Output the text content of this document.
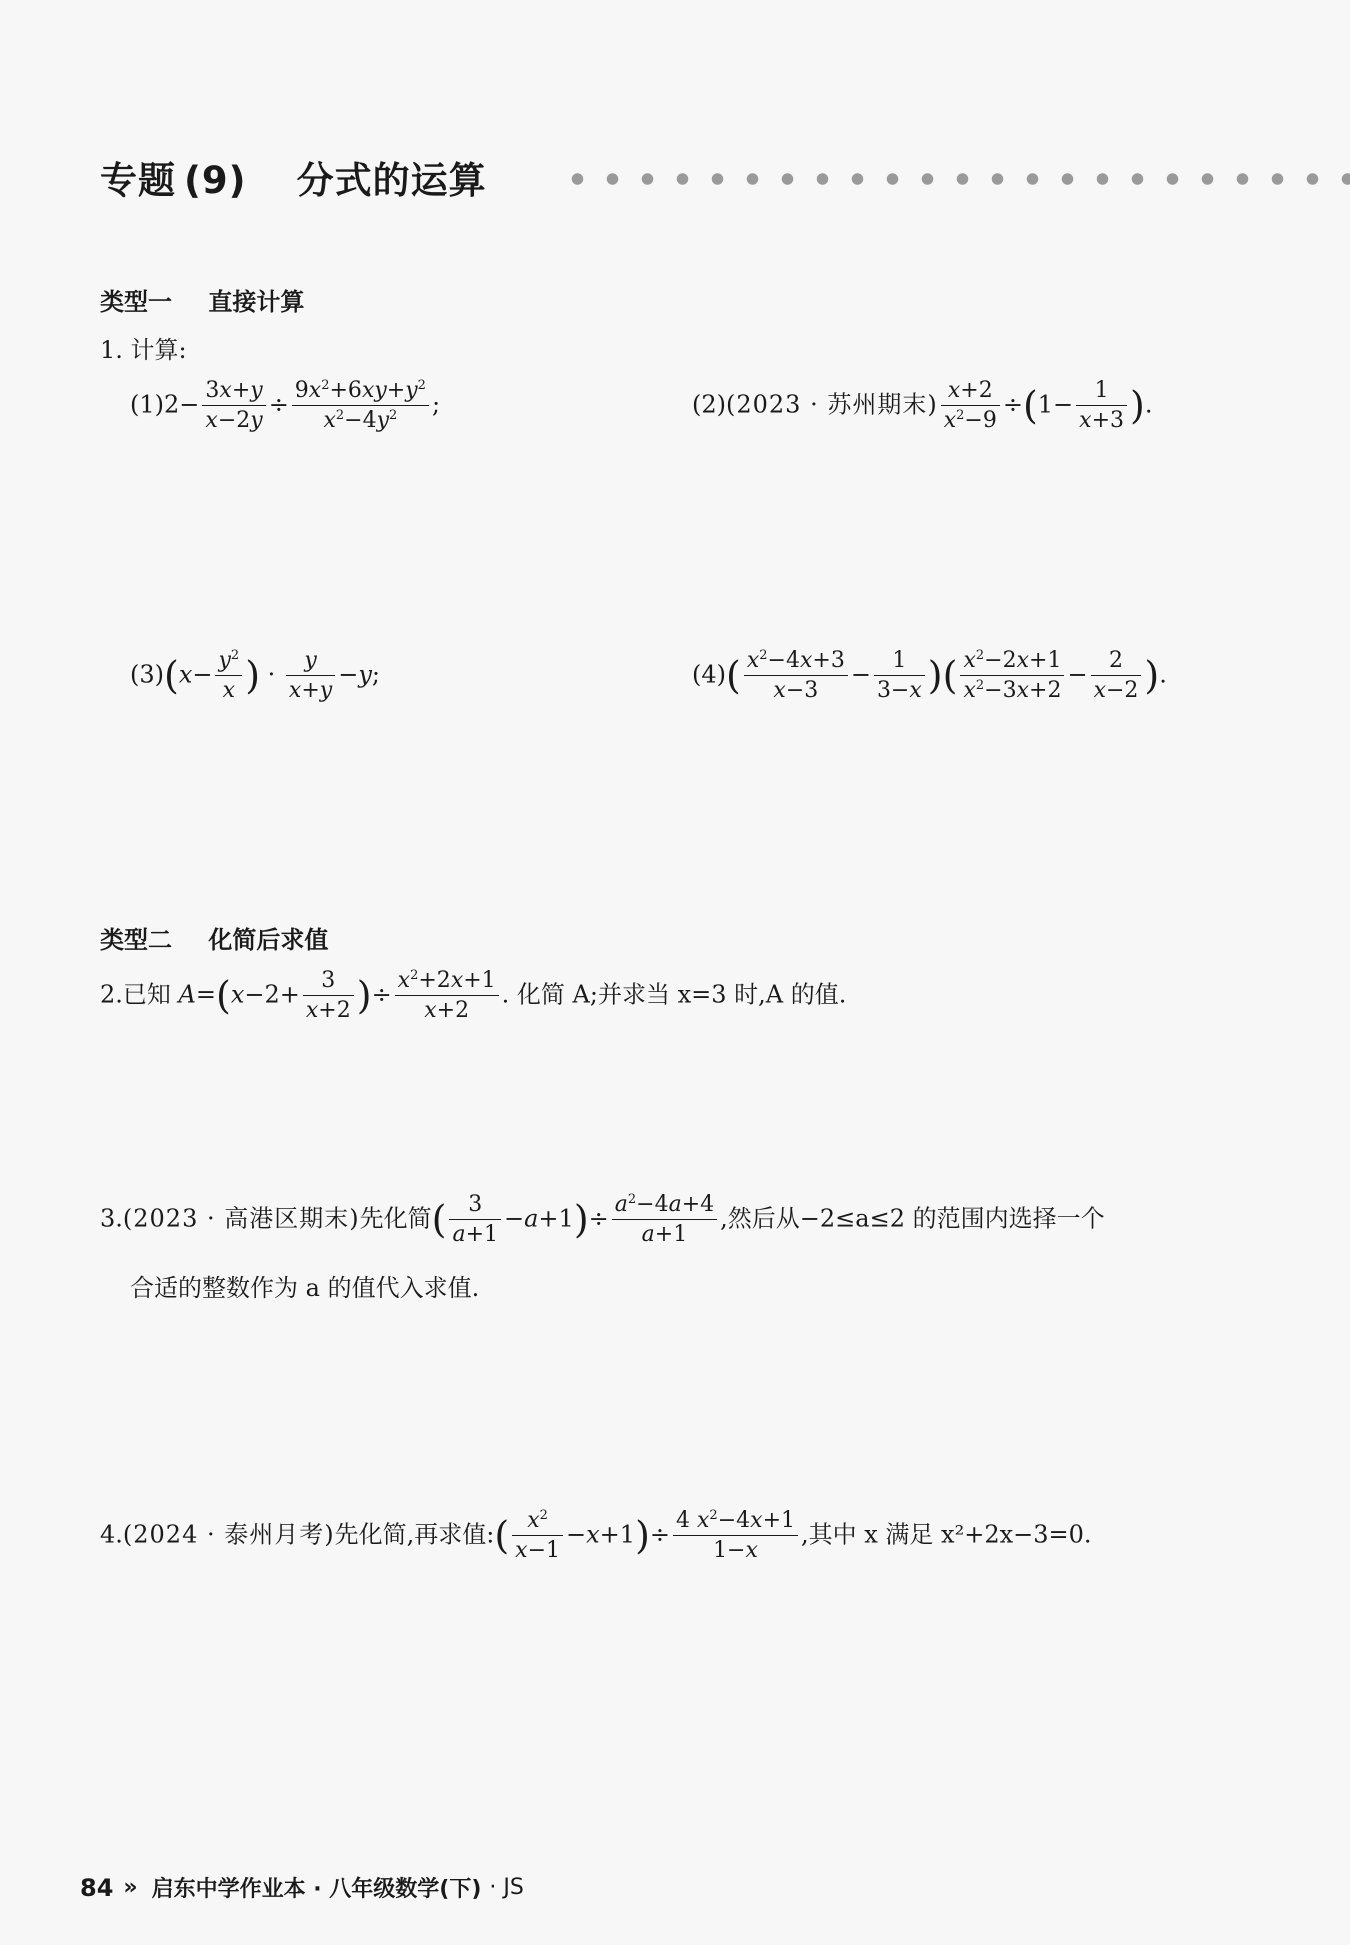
专题 (9) 分式的运算
类型一 直接计算
1. 计算:
$(1)2- \frac{3x+y}{x-2y} \div \frac{9x^2+6xy+y^2}{x^2-4y^2}$ ;	(2)(2023 · 苏州期末) $\frac{x+2}{x^2-9} \div(1- \frac{1}{x+3}$ ).
$(3)(x- \frac{y^2}{x}$ ) · $\frac{y}{x+y} -y$;	$(4)( \frac{x^2-4x+3}{x-3} - \frac{1}{3-x}$ )( $\frac{x^2-2x+1}{x^2-3x+2} - \frac{2}{x-2}$ ).
类型二 化简后求值
2.已知 $A=(x-2+ \frac{3}{x+2}$ )÷ $\frac{x^2+2x+1}{x+2}$ . 化简 A;并求当 x=3 时,A 的值.
3.(2023 · 高港区期末)先化简( $\frac{3}{a+1} -a+1)\div \frac{a^2-4a+4}{a+1}$ ,然后从−2≤a≤2 的范围内选择一个
合适的整数作为 a 的值代入求值.
4.(2024 · 泰州月考)先化简,再求值:( $\frac{x^2}{x-1} -x+1)\div \frac{4 x^2-4x+1}{1-x}$ ,其中 x 满足 x²+2x−3=0.
84 » 启东中学作业本 · 八年级数学(下) · JS
